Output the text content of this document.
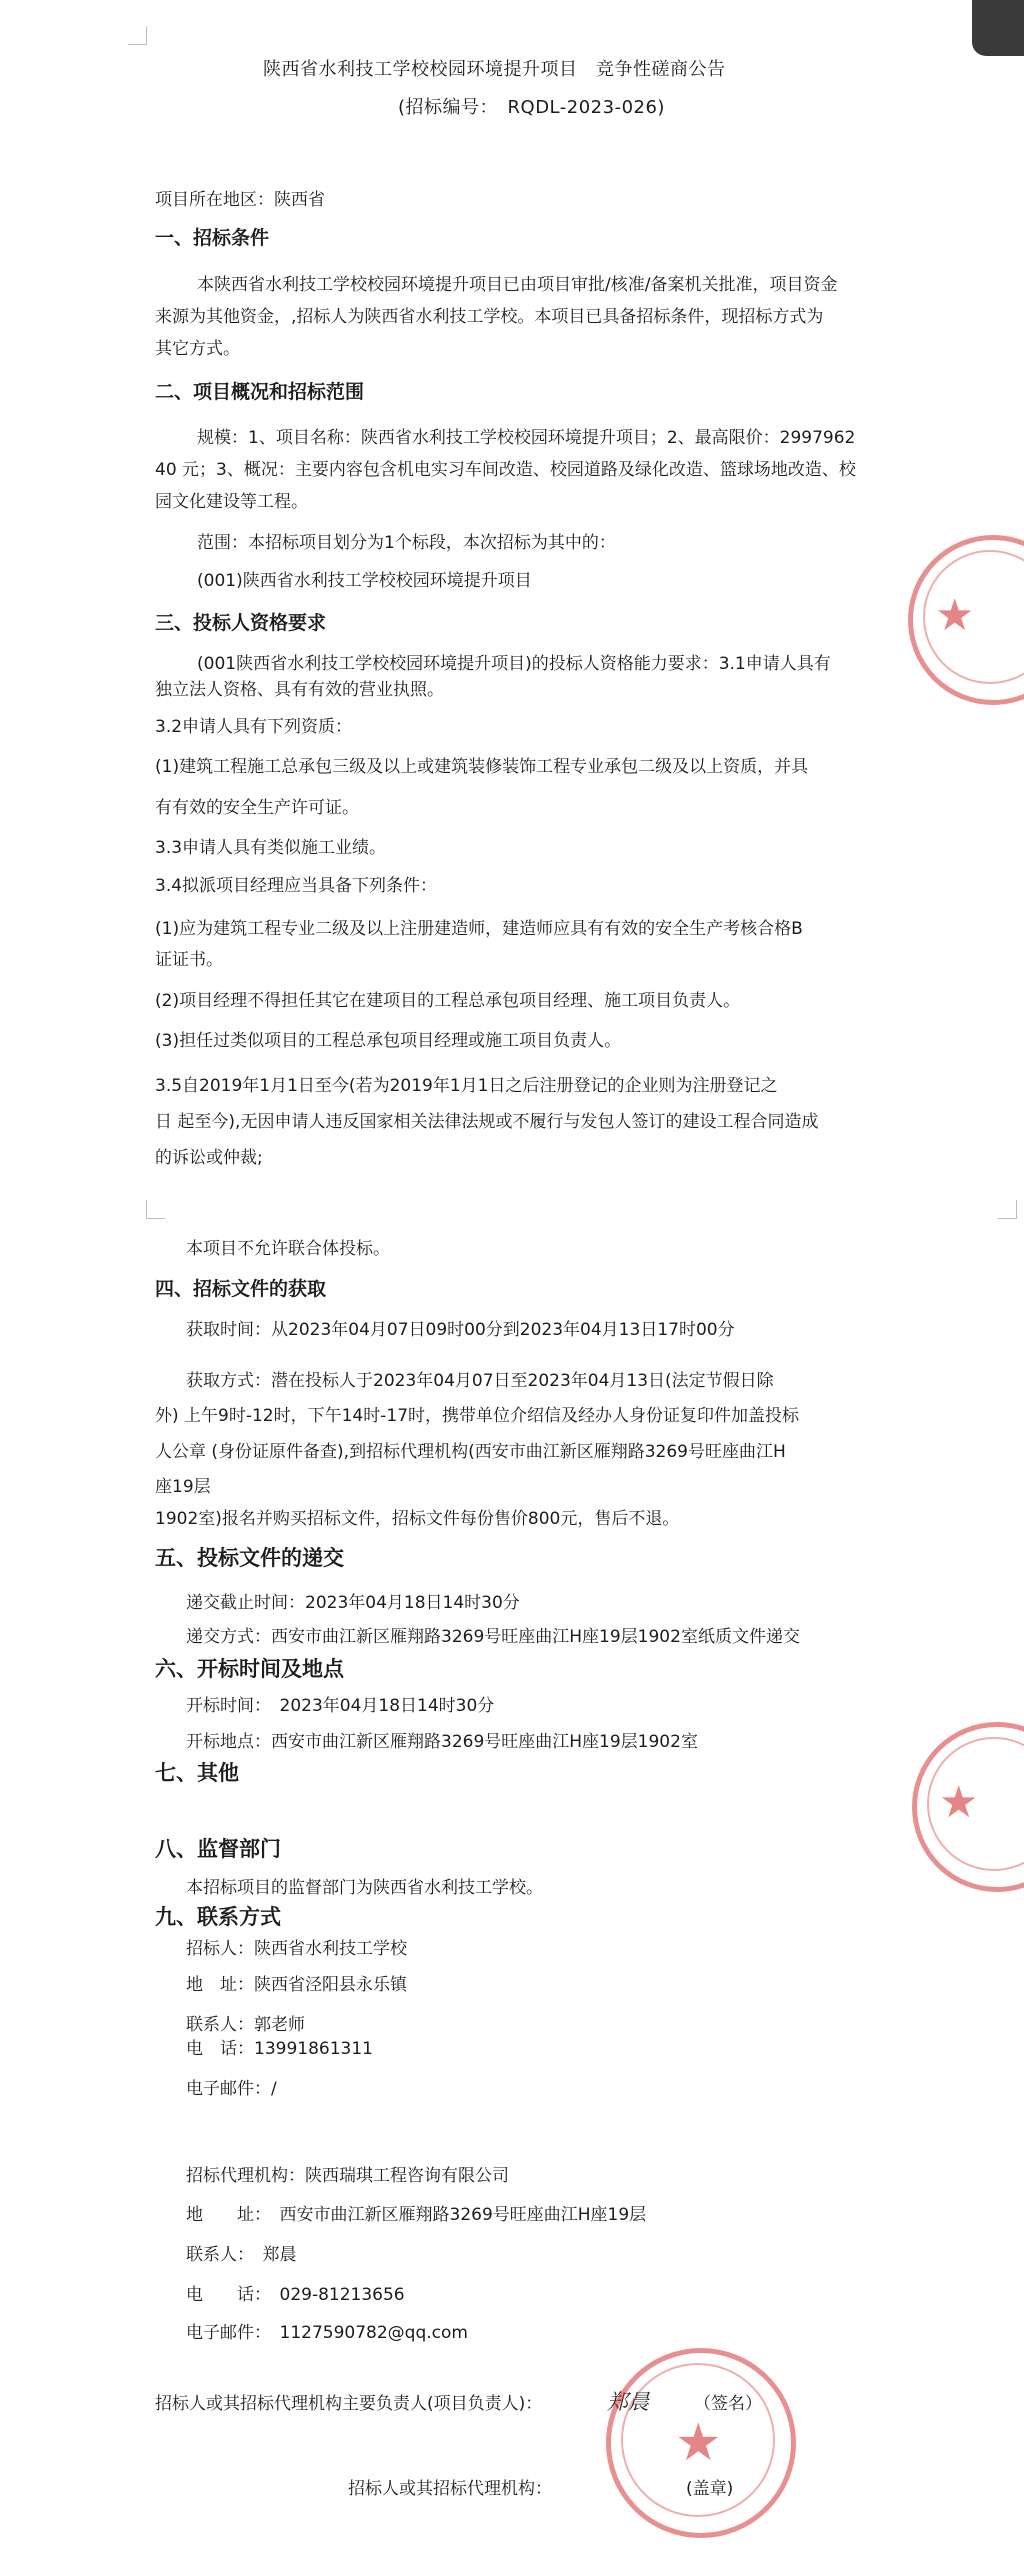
陕西省水利技工学校校园环境提升项目　竞争性磋商公告
(招标编号：　RQDL-2023-026)
项目所在地区：陕西省
一、招标条件
本陕西省水利技工学校校园环境提升项目已由项目审批/核准/备案机关批准，项目资金
来源为其他资金，,招标人为陕西省水利技工学校。本项目已具备招标条件，现招标方式为
其它方式。
二、项目概况和招标范围
规模：1、项目名称：陕西省水利技工学校校园环境提升项目；2、最高限价：2997962
40 元；3、概况：主要内容包含机电实习车间改造、校园道路及绿化改造、篮球场地改造、校
园文化建设等工程。
范围：本招标项目划分为1个标段，本次招标为其中的：
(001)陕西省水利技工学校校园环境提升项目
三、投标人资格要求
(001陕西省水利技工学校校园环境提升项目)的投标人资格能力要求：3.1申请人具有
独立法人资格、具有有效的营业执照。
3.2申请人具有下列资质：
(1)建筑工程施工总承包三级及以上或建筑装修装饰工程专业承包二级及以上资质，并具
有有效的安全生产许可证。
3.3申请人具有类似施工业绩。
3.4拟派项目经理应当具备下列条件：
(1)应为建筑工程专业二级及以上注册建造师，建造师应具有有效的安全生产考核合格B
证证书。
(2)项目经理不得担任其它在建项目的工程总承包项目经理、施工项目负责人。
(3)担任过类似项目的工程总承包项目经理或施工项目负责人。
3.5自2019年1月1日至今(若为2019年1月1日之后注册登记的企业则为注册登记之
日 起至今),无因申请人违反国家相关法律法规或不履行与发包人签订的建设工程合同造成
的诉讼或仲裁;
本项目不允许联合体投标。
四、招标文件的获取
获取时间：从2023年04月07日09时00分到2023年04月13日17时00分
获取方式：潜在投标人于2023年04月07日至2023年04月13日(法定节假日除
外) 上午9时-12时，下午14时-17时，携带单位介绍信及经办人身份证复印件加盖投标
人公章 (身份证原件备查),到招标代理机构(西安市曲江新区雁翔路3269号旺座曲江H
座19层
1902室)报名并购买招标文件，招标文件每份售价800元，售后不退。
五、投标文件的递交
递交截止时间：2023年04月18日14时30分
递交方式：西安市曲江新区雁翔路3269号旺座曲江H座19层1902室纸质文件递交
六、开标时间及地点
开标时间：　2023年04月18日14时30分
开标地点：西安市曲江新区雁翔路3269号旺座曲江H座19层1902室
七、其他
八、监督部门
本招标项目的监督部门为陕西省水利技工学校。
九、联系方式
招标人：陕西省水利技工学校
地　址：陕西省泾阳县永乐镇
联系人：郭老师
电　话：13991861311
电子邮件：/
招标代理机构：陕西瑞琪工程咨询有限公司
地　　址：　西安市曲江新区雁翔路3269号旺座曲江H座19层
联系人：　郑晨
电　　话：　029-81213656
电子邮件：　1127590782@qq.com
招标人或其招标代理机构主要负责人(项目负责人)：	郑晨	（签名）
招标人或其招标代理机构：	(盖章)
★
★
★
